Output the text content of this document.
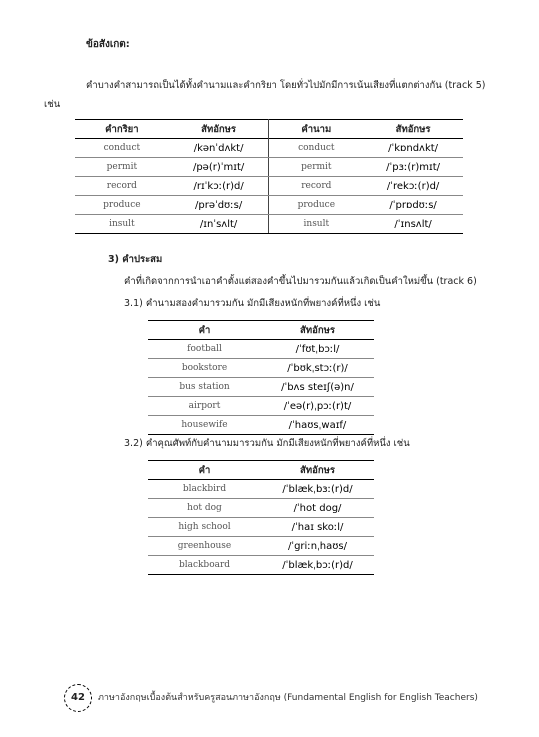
ข้อสังเกต:
คำบางคำสามารถเป็นได้ทั้งคำนามและคำกริยา โดยทั่วไปมักมีการเน้นเสียงที่แตกต่างกัน (track 5)
เช่น
คำกริยา	สัทอักษร	คำนาม	สัทอักษร
conduct	/kənˈdʌkt/	conduct	/ˈkɒndʌkt/
permit	/pə(r)ˈmɪt/	permit	/ˈpɜː(r)mɪt/
record	/rɪˈkɔː(r)d/	record	/ˈrekɔː(r)d/
produce	/prəˈdʊːs/	produce	/ˈprɒdʊːs/
insult	/ɪnˈsʌlt/	insult	/ˈɪnsʌlt/
3) คำประสม
คำที่เกิดจากการนำเอาคำตั้งแต่สองคำขึ้นไปมารวมกันแล้วเกิดเป็นคำใหม่ขึ้น (track 6)
3.1) คำนามสองคำมารวมกัน มักมีเสียงหนักที่พยางค์ที่หนึ่ง เช่น
คำ	สัทอักษร
football	/ˈfʊtˌbɔːl/
bookstore	/ˈbʊkˌstɔː(r)/
bus station	/ˈbʌs steɪʃ(ə)n/
airport	/ˈeə(r)ˌpɔː(r)t/
housewife	/ˈhaʊsˌwaɪf/
3.2) คำคุณศัพท์กับคำนามมารวมกัน มักมีเสียงหนักที่พยางค์ที่หนึ่ง เช่น
คำ	สัทอักษร
blackbird	/ˈblækˌbɜː(r)d/
hot dog	/ˈhot dog/
high school	/ˈhaɪ skoːl/
greenhouse	/ˈgriːnˌhaʊs/
blackboard	/ˈblækˌbɔː(r)d/
42	ภาษาอังกฤษเบื้องต้นสำหรับครูสอนภาษาอังกฤษ (Fundamental English for English Teachers)
